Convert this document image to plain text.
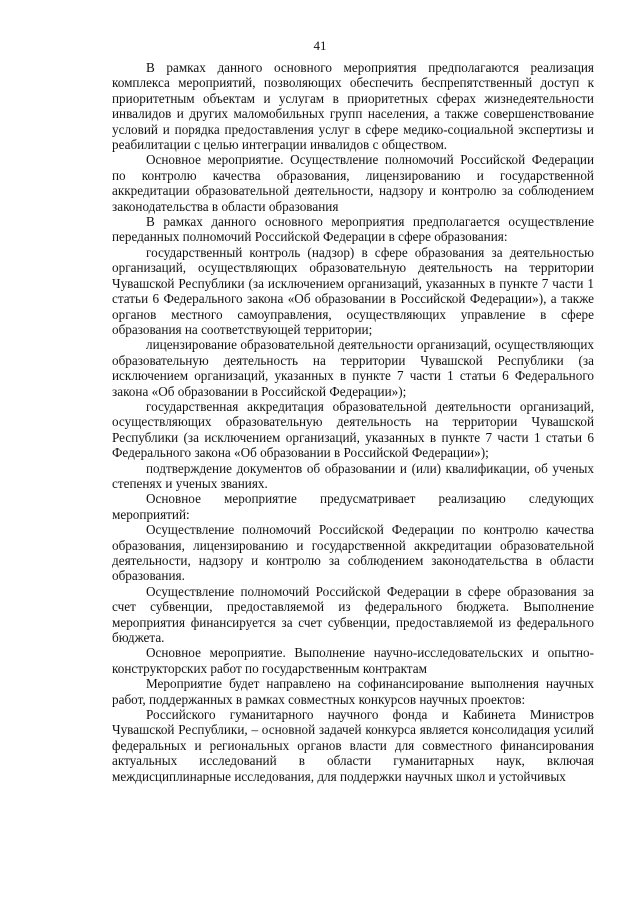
41

В рамках данного основного мероприятия предполагаются реализация комплекса мероприятий, позволяющих обеспечить беспрепятственный доступ к приоритетным объектам и услугам в приоритетных сферах жизнедеятельности инвалидов и других маломобильных групп населения, а также совершенствование условий и порядка предоставления услуг в сфере медико-социальной экспертизы и реабилитации с целью интеграции инвалидов с обществом.

Основное мероприятие. Осуществление полномочий Российской Федерации по контролю качества образования, лицензированию и государственной аккредитации образовательной деятельности, надзору и контролю за соблюдением законодательства в области образования

В рамках данного основного мероприятия предполагается осуществление переданных полномочий Российской Федерации в сфере образования:

государственный контроль (надзор) в сфере образования за деятельностью организаций, осуществляющих образовательную деятельность на территории Чувашской Республики (за исключением организаций, указанных в пункте 7 части 1 статьи 6 Федерального закона «Об образовании в Российской Федерации»), а также органов местного самоуправления, осуществляющих управление в сфере образования на соответствующей территории;

лицензирование образовательной деятельности организаций, осуществляющих образовательную деятельность на территории Чувашской Республики (за исключением организаций, указанных в пункте 7 части 1 статьи 6 Федерального закона «Об образовании в Российской Федерации»);

государственная аккредитация образовательной деятельности организаций, осуществляющих образовательную деятельность на территории Чувашской Республики (за исключением организаций, указанных в пункте 7 части 1 статьи 6 Федерального закона «Об образовании в Российской Федерации»);

подтверждение документов об образовании и (или) квалификации, об ученых степенях и ученых званиях.

Основное мероприятие предусматривает реализацию следующих мероприятий:

Осуществление полномочий Российской Федерации по контролю качества образования, лицензированию и государственной аккредитации образовательной деятельности, надзору и контролю за соблюдением законодательства в области образования.

Осуществление полномочий Российской Федерации в сфере образования за счет субвенции, предоставляемой из федерального бюджета. Выполнение мероприятия финансируется за счет субвенции, предоставляемой из федерального бюджета.

Основное мероприятие. Выполнение научно-исследовательских и опытно-конструкторских работ по государственным контрактам

Мероприятие будет направлено на софинансирование выполнения научных работ, поддержанных в рамках совместных конкурсов научных проектов:

Российского гуманитарного научного фонда и Кабинета Министров Чувашской Республики, – основной задачей конкурса является консолидация усилий федеральных и региональных органов власти для совместного финансирования актуальных исследований в области гуманитарных наук, включая междисциплинарные исследования, для поддержки научных школ и устойчивых
